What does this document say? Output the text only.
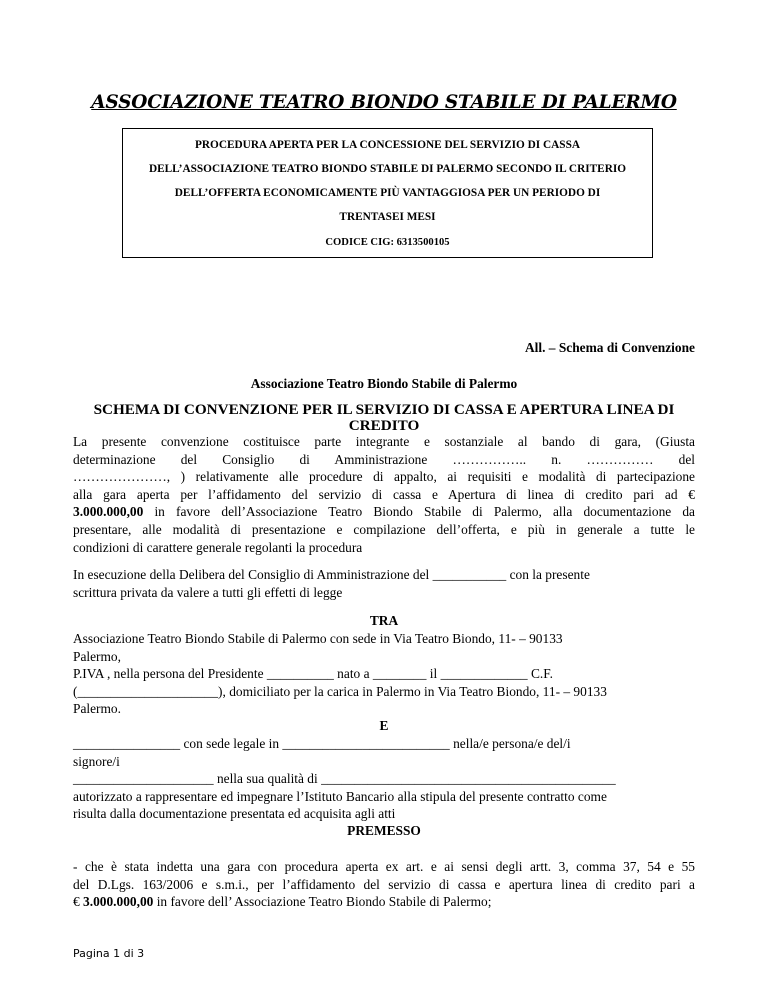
ASSOCIAZIONE TEATRO BIONDO STABILE DI PALERMO
PROCEDURA APERTA PER LA CONCESSIONE DEL SERVIZIO DI CASSA
DELL’ASSOCIAZIONE TEATRO BIONDO STABILE DI PALERMO SECONDO IL CRITERIO
DELL’OFFERTA ECONOMICAMENTE PIÙ VANTAGGIOSA PER UN PERIODO DI
TRENTASEI MESI
CODICE CIG: 6313500105
All. – Schema di Convenzione
Associazione Teatro Biondo Stabile di Palermo
SCHEMA DI CONVENZIONE PER IL SERVIZIO DI CASSA E APERTURA LINEA DI
CREDITO
La presente convenzione costituisce parte integrante e sostanziale al bando di gara, (Giusta
determinazione del Consiglio di Amministrazione …………….. n. …………… del
…………………, ) relativamente alle procedure di appalto, ai requisiti e modalità di partecipazione
alla gara aperta per l’affidamento del servizio di cassa e Apertura di linea di credito pari ad €
3.000.000,00 in favore dell’Associazione Teatro Biondo Stabile di Palermo, alla documentazione da
presentare, alle modalità di presentazione e compilazione dell’offerta, e più in generale a tutte le
condizioni di carattere generale regolanti la procedura
In esecuzione della Delibera del Consiglio di Amministrazione del ___________ con la presente
scrittura privata da valere a tutti gli effetti di legge
TRA
Associazione Teatro Biondo Stabile di Palermo con sede in Via Teatro Biondo, 11- – 90133
Palermo,
P.IVA , nella persona del Presidente __________ nato a ________ il _____________ C.F.
(_____________________), domiciliato per la carica in Palermo in Via Teatro Biondo, 11- – 90133
Palermo.
E
________________ con sede legale in _________________________ nella/e persona/e del/i
signore/i
_____________________ nella sua qualità di ____________________________________________
autorizzato a rappresentare ed impegnare l’Istituto Bancario alla stipula del presente contratto come
risulta dalla documentazione presentata ed acquisita agli atti
PREMESSO
- che è stata indetta una gara con procedura aperta ex art. e ai sensi degli artt. 3, comma 37, 54 e 55
del D.Lgs. 163/2006 e s.m.i., per l’affidamento del servizio di cassa e apertura linea di credito pari a
€ 3.000.000,00 in favore dell’ Associazione Teatro Biondo Stabile di Palermo;
Pagina 1 di 3
